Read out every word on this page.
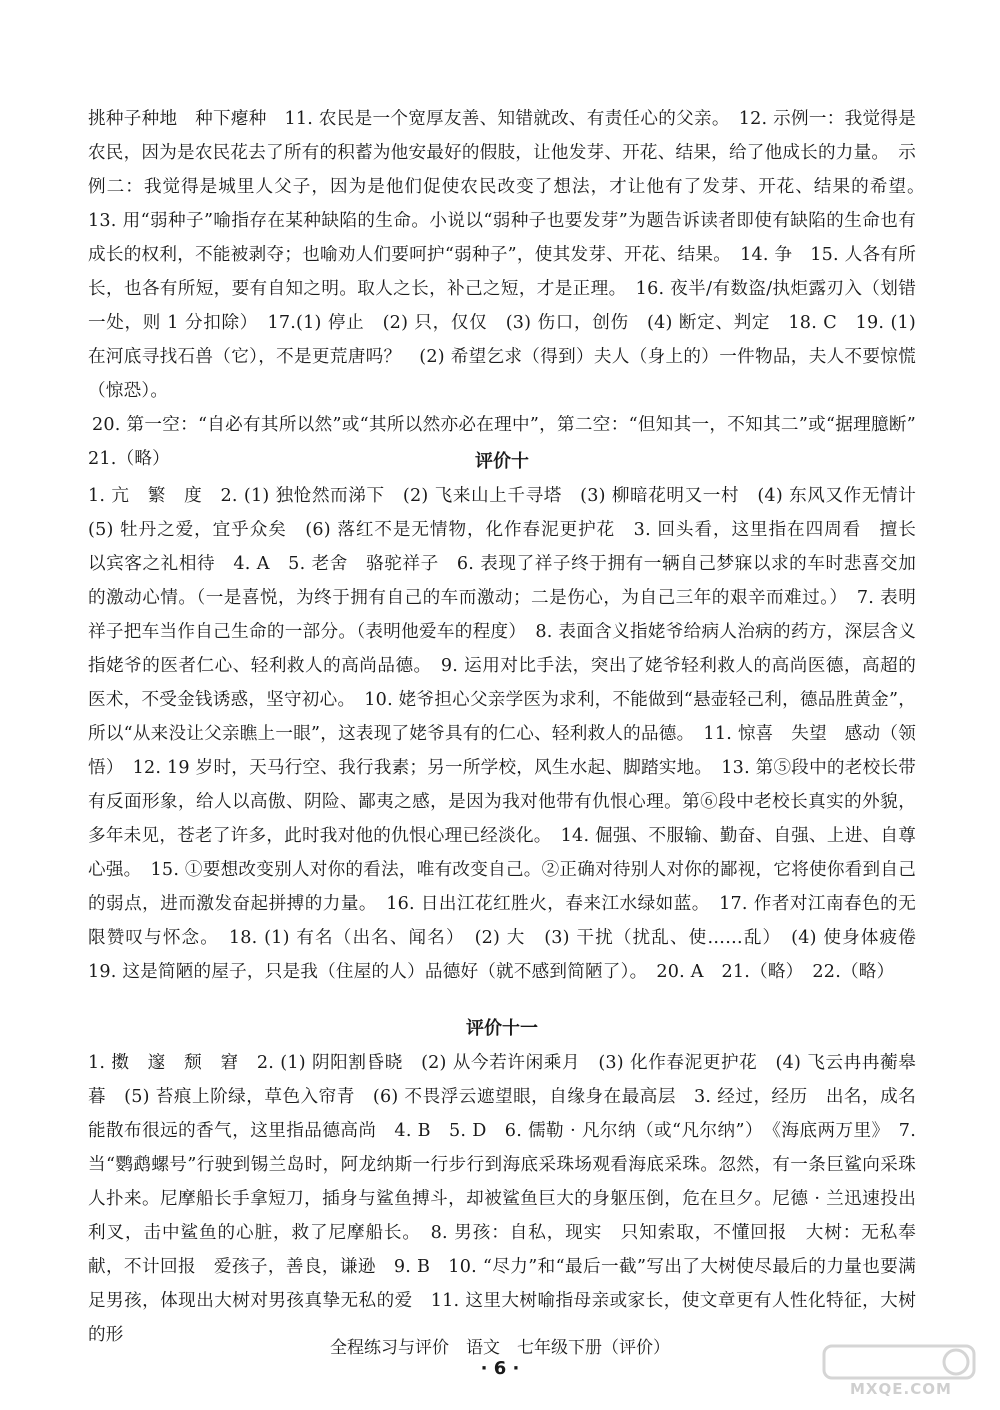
挑种子种地　种下瘪种　11. 农民是一个宽厚友善、知错就改、有责任心的父亲。　12. 示例一：我觉得是农民，因为是农民花去了所有的积蓄为他安最好的假肢，让他发芽、开花、结果，给了他成长的力量。　示例二：我觉得是城里人父子，因为是他们促使农民改变了想法，才让他有了发芽、开花、结果的希望。　13. 用“弱种子”喻指存在某种缺陷的生命。小说以“弱种子也要发芽”为题告诉读者即使有缺陷的生命也有成长的权利，不能被剥夺；也喻劝人们要呵护“弱种子”，使其发芽、开花、结果。　14. 争　15. 人各有所长，也各有所短，要有自知之明。取人之长，补己之短，才是正理。　16. 夜半/有数盗/执炬露刃入（划错一处，则 1 分扣除）　17.(1) 停止　(2) 只，仅仅　(3) 伤口，创伤　(4) 断定、判定　18. C　19. (1) 在河底寻找石兽（它），不是更荒唐吗？　(2) 希望乞求（得到）夫人（身上的）一件物品，夫人不要惊慌（惊恐）。

20. 第一空：“自必有其所以然”或“其所以然亦必在理中”，第二空：“但知其一，不知其二”或“据理臆断”　21.（略）	评价十

1. 亢　繁　度　2. (1) 独怆然而涕下　(2) 飞来山上千寻塔　(3) 柳暗花明又一村　(4) 东风又作无情计　(5) 牡丹之爱，宜乎众矣　(6) 落红不是无情物，化作春泥更护花　3. 回头看，这里指在四周看　擅长　以宾客之礼相待　4. A　5. 老舍　骆驼祥子　6. 表现了祥子终于拥有一辆自己梦寐以求的车时悲喜交加的激动心情。（一是喜悦，为终于拥有自己的车而激动；二是伤心，为自己三年的艰辛而难过。）　7. 表明祥子把车当作自己生命的一部分。（表明他爱车的程度）　8. 表面含义指姥爷给病人治病的药方，深层含义指姥爷的医者仁心、轻利救人的高尚品德。　9. 运用对比手法，突出了姥爷轻利救人的高尚医德，高超的医术，不受金钱诱惑，坚守初心。　10. 姥爷担心父亲学医为求利，不能做到“悬壶轻己利，德品胜黄金”，所以“从来没让父亲瞧上一眼”，这表现了姥爷具有的仁心、轻利救人的品德。　11. 惊喜　失望　感动（领悟）　12. 19 岁时，天马行空、我行我素；另一所学校，风生水起、脚踏实地。　13. 第⑤段中的老校长带有反面形象，给人以高傲、阴险、鄙夷之感，是因为我对他带有仇恨心理。第⑥段中老校长真实的外貌，多年未见，苍老了许多，此时我对他的仇恨心理已经淡化。　14. 倔强、不服输、勤奋、自强、上进、自尊心强。　15. ①要想改变别人对你的看法，唯有改变自己。②正确对待别人对你的鄙视，它将使你看到自己的弱点，进而激发奋起拼搏的力量。　16. 日出江花红胜火，春来江水绿如蓝。　17. 作者对江南春色的无限赞叹与怀念。　18. (1) 有名（出名、闻名）　(2) 大　(3) 干扰（扰乱、使……乱）　(4) 使身体疲倦　19. 这是简陋的屋子，只是我（住屋的人）品德好（就不感到简陋了）。　20. A　21.（略）　22.（略）

评价十一

1. 擞　邃　颓　窘　2. (1) 阴阳割昏晓　(2) 从今若许闲乘月　(3) 化作春泥更护花　(4) 飞云冉冉蘅皋暮　(5) 苔痕上阶绿，草色入帘青　(6) 不畏浮云遮望眼，自缘身在最高层　3. 经过，经历　出名，成名　能散布很远的香气，这里指品德高尚　4. B　5. D　6. 儒勒 · 凡尔纳（或“凡尔纳”）　《海底两万里》　7. 当“鹦鹉螺号”行驶到锡兰岛时，阿龙纳斯一行步行到海底采珠场观看海底采珠。忽然，有一条巨鲨向采珠人扑来。尼摩船长手拿短刀，插身与鲨鱼搏斗，却被鲨鱼巨大的身躯压倒，危在旦夕。尼德 · 兰迅速投出利叉，击中鲨鱼的心脏，救了尼摩船长。　8. 男孩：自私，现实　只知索取，不懂回报　大树：无私奉献，不计回报　爱孩子，善良，谦逊　9. B　10. “尽力”和“最后一截”写出了大树使尽最后的力量也要满足男孩，体现出大树对男孩真挚无私的爱　11. 这里大树喻指母亲或家长，使文章更有人性化特征，大树的形

全程练习与评价　语文　七年级下册（评价）
· 6 ·
MXQE.COM
